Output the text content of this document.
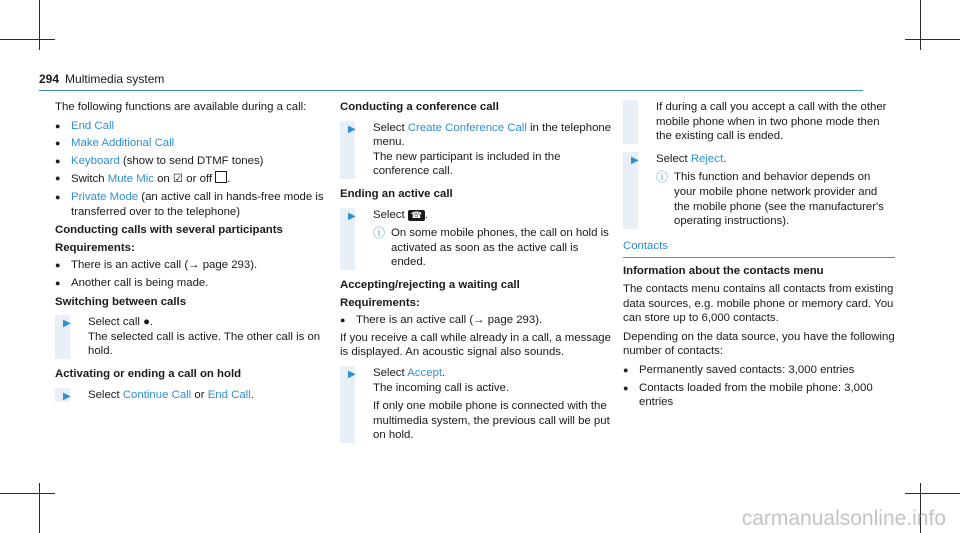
294 Multimedia system

The following functions are available during a call:

● End Call
● Make Additional Call
● Keyboard (show to send DTMF tones)
● Switch Mute Mic on ☑ or off .
● Private Mode (an active call in hands-free mode is transferred over to the telephone)
Conducting calls with several participants
Requirements:
● There is an active call (→ page 293).
● Another call is being made.
Switching between calls
▶ Select call ●.
The selected call is active. The other call is on hold.
Activating or ending a call on hold
▶ Select Continue Call or End Call.
Conducting a conference call
▶ Select Create Conference Call in the telephone menu.
The new participant is included in the conference call.
Ending an active call
▶ Select ☎ .
ⓘ On some mobile phones, the call on hold is activated as soon as the active call is ended.
Accepting/rejecting a waiting call
Requirements:
● There is an active call (→ page 293).

If you receive a call while already in a call, a message is displayed. An acoustic signal also sounds.

▶ Select Accept.
The incoming call is active.
If only one mobile phone is connected with the multimedia system, the previous call will be put on hold.
If during a call you accept a call with the other mobile phone when in two phone mode then the existing call is ended.
▶ Select Reject.
ⓘ This function and behavior depends on your mobile phone network provider and the mobile phone (see the manufacturer's operating instructions).
Contacts
Information about the contacts menu

The contacts menu contains all contacts from existing data sources, e.g. mobile phone or memory card. You can store up to 6,000 contacts.

Depending on the data source, you have the following number of contacts:

● Permanently saved contacts: 3,000 entries
● Contacts loaded from the mobile phone: 3,000 entries
carmanualsonline.info
